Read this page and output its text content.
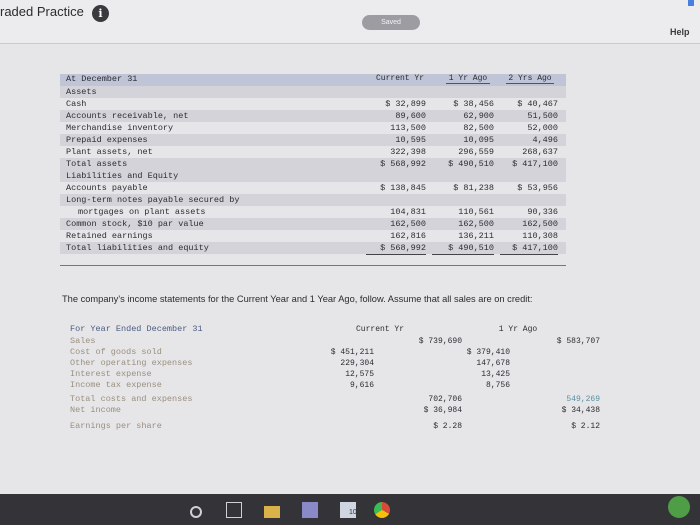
raded Practice	i
Saved
Help
At December 31	Current Yr	1 Yr Ago	2 Yrs Ago
Assets
Cash	$ 32,899	$ 38,456	$ 40,467
Accounts receivable, net	89,600	62,900	51,500
Merchandise inventory	113,500	82,500	52,000
Prepaid expenses	10,595	10,095	4,496
Plant assets, net	322,398	296,559	268,637
Total assets	$ 568,992	$ 490,510	$ 417,100
Liabilities and Equity
Accounts payable	$ 138,845	$ 81,238	$ 53,956
Long-term notes payable secured by
mortgages on plant assets	104,831	110,561	90,336
Common stock, $10 par value	162,500	162,500	162,500
Retained earnings	162,816	136,211	110,308
Total liabilities and equity	$ 568,992	$ 490,510	$ 417,100
The company's income statements for the Current Year and 1 Year Ago, follow. Assume that all sales are on credit:
For Year Ended December 31	Current Yr	1 Yr Ago
Sales	$ 739,690	$ 583,707
Cost of goods sold	$ 451,211	$ 379,410
Other operating expenses	229,304	147,678
Interest expense	12,575	13,425
Income tax expense	9,616	8,756
Total costs and expenses	702,706	549,269
Net income	$ 36,984	$ 34,438
Earnings per share	$ 2.28	$ 2.12
10
